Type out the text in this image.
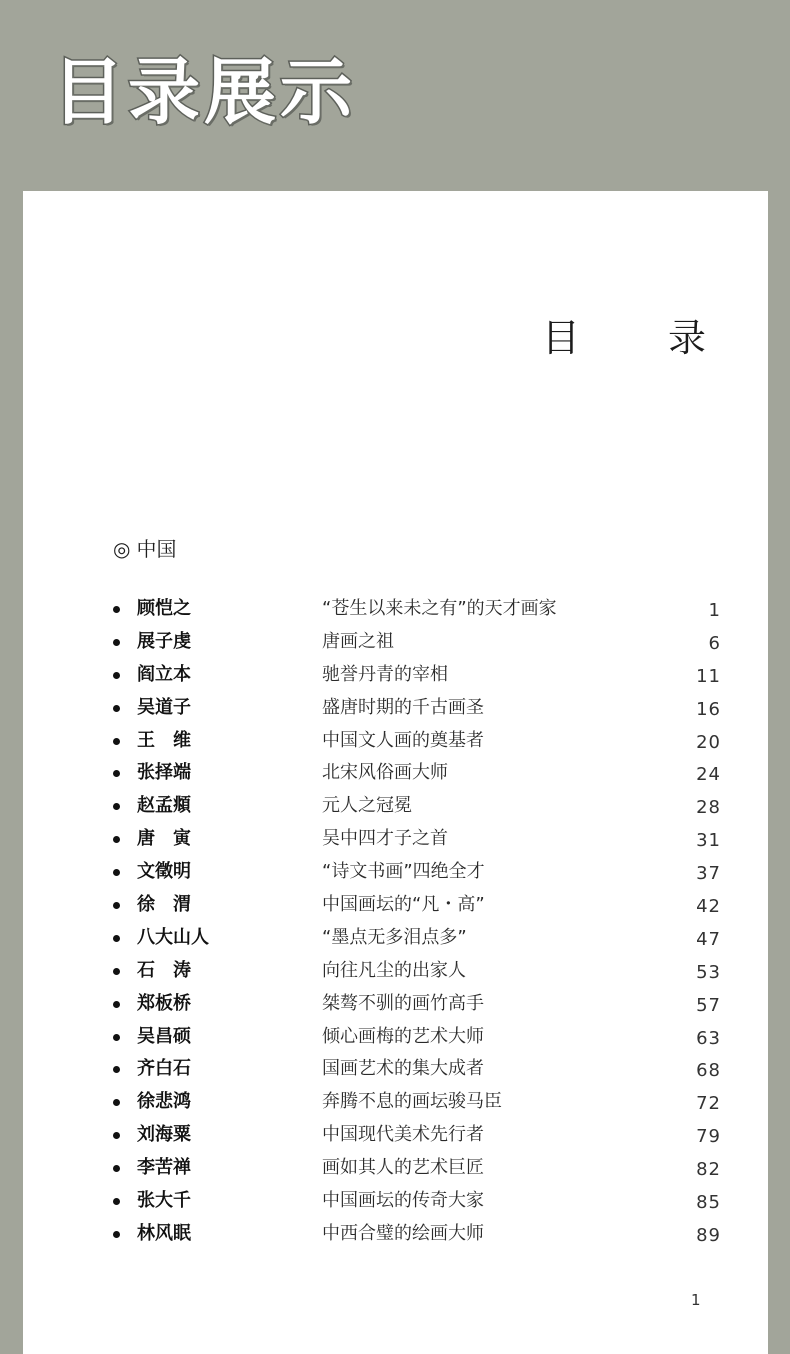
目录展示
目 录
◎ 中国
顾恺之	“苍生以来未之有”的天才画家	1
展子虔	唐画之祖	6
阎立本	驰誉丹青的宰相	11
吴道子	盛唐时期的千古画圣	16
王　维	中国文人画的奠基者	20
张择端	北宋风俗画大师	24
赵孟頫	元人之冠冕	28
唐　寅	吴中四才子之首	31
文徵明	“诗文书画”四绝全才	37
徐　渭	中国画坛的“凡・高”	42
八大山人	“墨点无多泪点多”	47
石　涛	向往凡尘的出家人	53
郑板桥	桀骜不驯的画竹高手	57
吴昌硕	倾心画梅的艺术大师	63
齐白石	国画艺术的集大成者	68
徐悲鸿	奔腾不息的画坛骏马臣	72
刘海粟	中国现代美术先行者	79
李苦禅	画如其人的艺术巨匠	82
张大千	中国画坛的传奇大家	85
林风眠	中西合璧的绘画大师	89
1
